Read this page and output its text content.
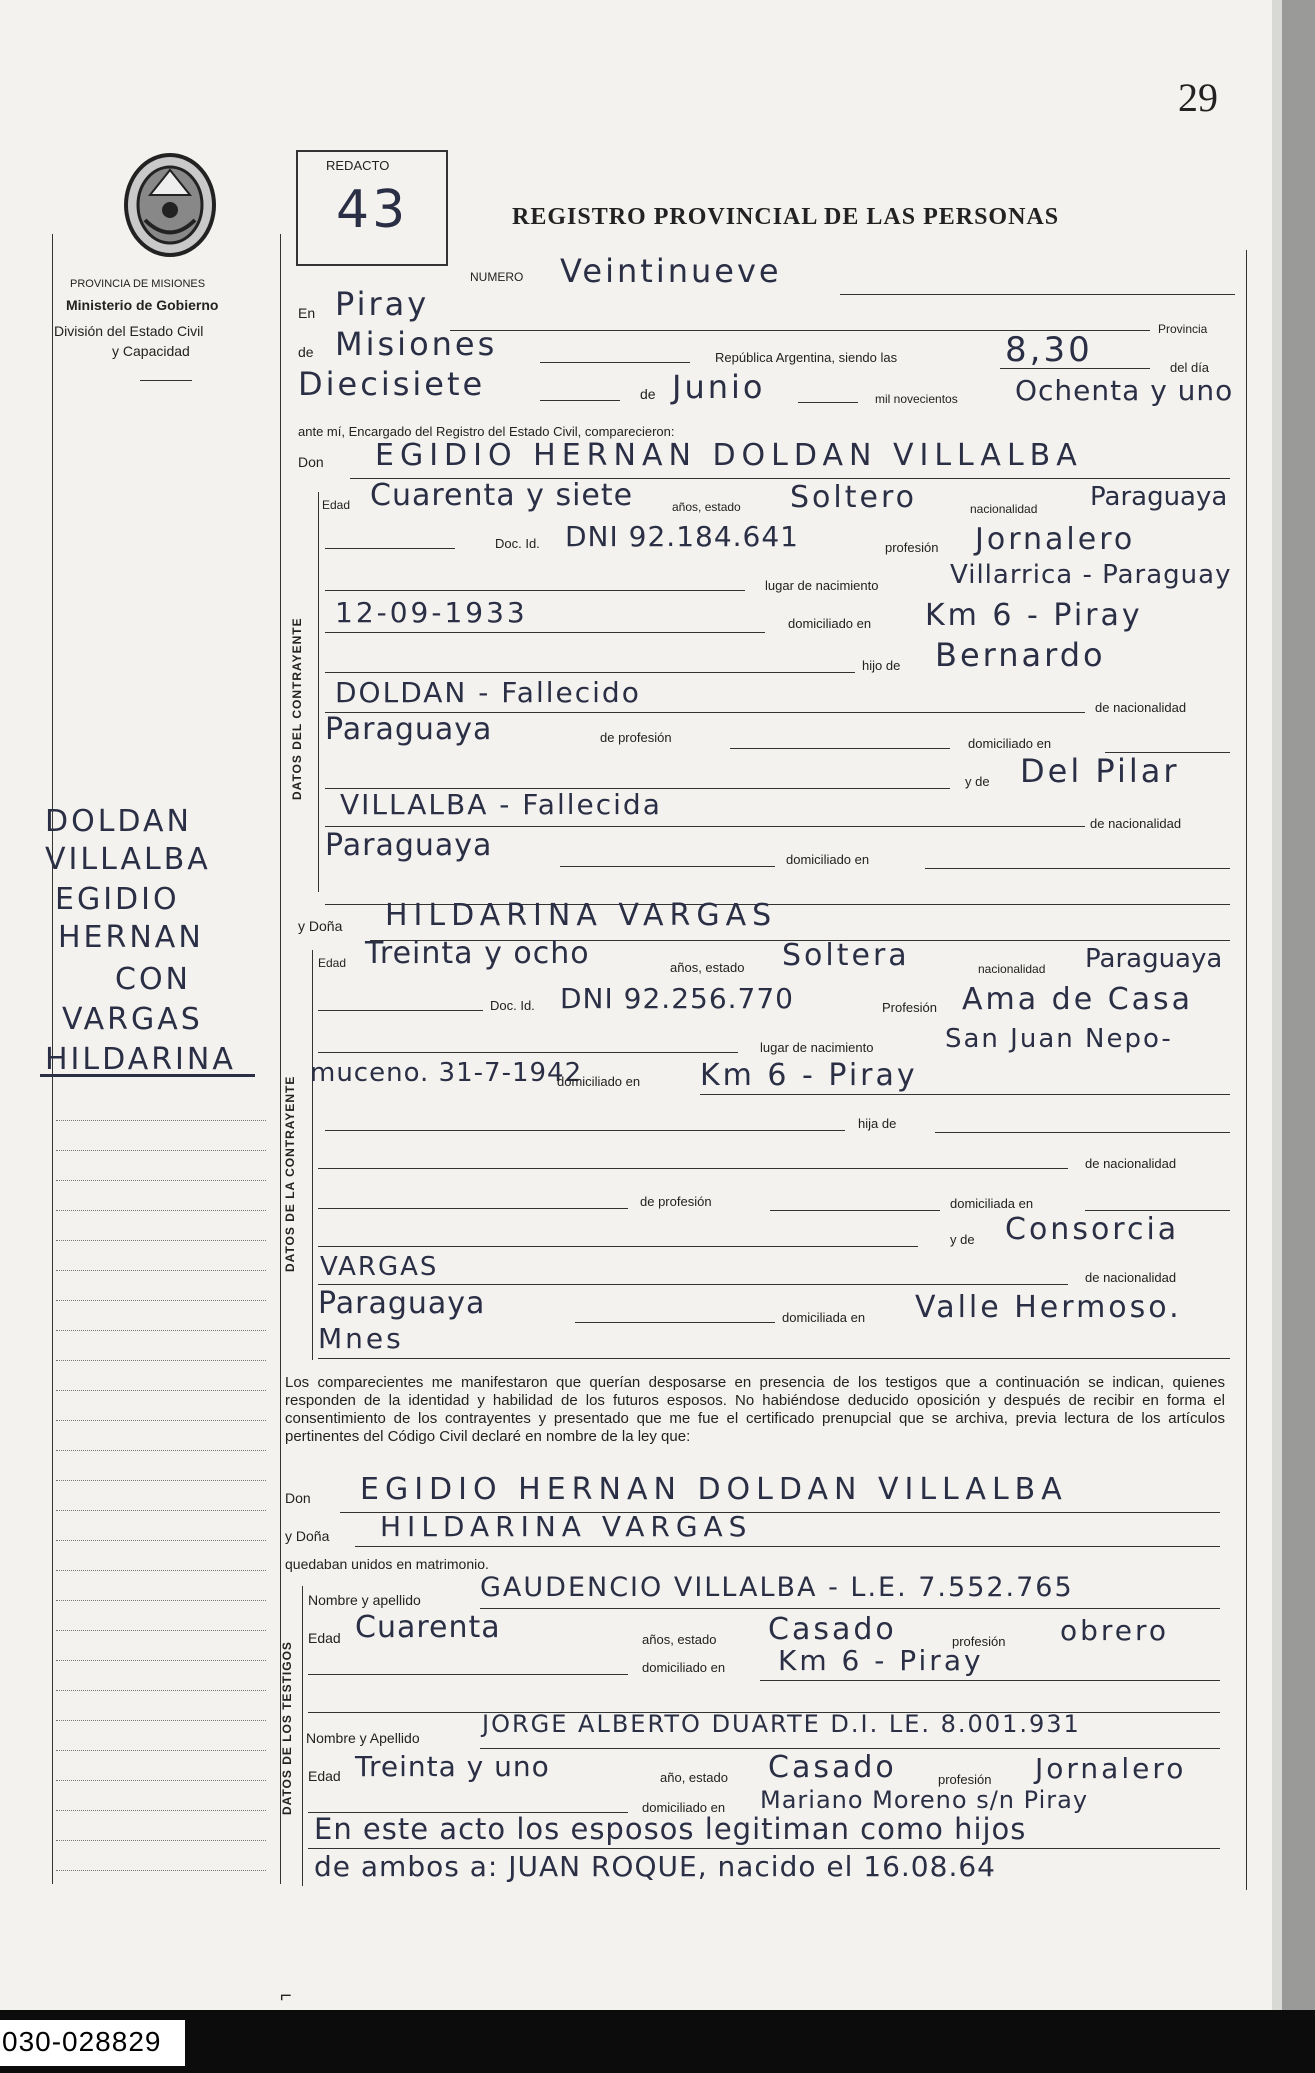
29
PROVINCIA DE MISIONES
Ministerio de Gobierno
División del Estado Civil
y Capacidad
DOLDAN
VILLALBA
EGIDIO
HERNAN
CON
VARGAS
HILDARINA
REDACTO
43	REGISTRO PROVINCIAL DE LAS PERSONAS
NUMERO Veintinueve
En Piray
Provincia
de Misiones	República Argentina, siendo las	8,30	del día
Diecisiete	de Junio	mil novecientos Ochenta y uno
ante mí, Encargado del Registro del Estado Civil, comparecieron:
Don EGIDIO HERNAN DOLDAN VILLALBA
DATOS DEL CONTRAYENTE
Edad Cuarenta y siete	años, estado Soltero	nacionalidad Paraguaya
Doc. Id. DNI 92.184.641	profesión Jornalero
lugar de nacimiento	Villarrica - Paraguay
12-09-1933	domiciliado en Km 6 - Piray
hijo de Bernardo
DOLDAN - Fallecido	de nacionalidad
Paraguaya	de profesión	domiciliado en
y de Del Pilar
VILLALBA - Fallecida
de nacionalidad
Paraguaya	domiciliado en
y Doña HILDARINA VARGAS
DATOS DE LA CONTRAYENTE
Edad Treinta y ocho	años, estado Soltera	nacionalidad Paraguaya
Doc. Id. DNI 92.256.770	Profesión Ama de Casa
lugar de nacimiento	San Juan Nepo-
muceno. 31-7-1942
domiciliado en Km 6 - Piray
hija de
de nacionalidad
de profesión	domiciliada en
y de Consorcia
VARGAS	de nacionalidad
Paraguaya	domiciliada en Valle Hermoso.
Mnes
Los comparecientes me manifestaron que querían desposarse en presencia de los testigos que a continuación se indican, quienes responden de la identidad y habilidad de los futuros esposos. No habiéndose deducido oposición y después de recibir en forma el consentimiento de los contrayentes y presentado que me fue el certificado prenupcial que se archiva, previa lectura de los artículos pertinentes del Código Civil declaré en nombre de la ley que:
Don EGIDIO HERNAN DOLDAN VILLALBA
y Doña HILDARINA VARGAS
quedaban unidos en matrimonio.
DATOS DE LOS TESTIGOS
Nombre y apellido GAUDENCIO VILLALBA - L.E. 7.552.765
Edad Cuarenta	años, estado Casado	profesión obrero
domiciliado en Km 6 - Piray
Nombre y Apellido	JORGE ALBERTO DUARTE D.I. LE. 8.001.931
Edad Treinta y uno	año, estado Casado	profesión Jornalero
domiciliado en Mariano Moreno s/n Piray
En este acto los esposos legitiman como hijos
de ambos a: JUAN ROQUE, nacido el 16.08.64
⌐
030-028829
